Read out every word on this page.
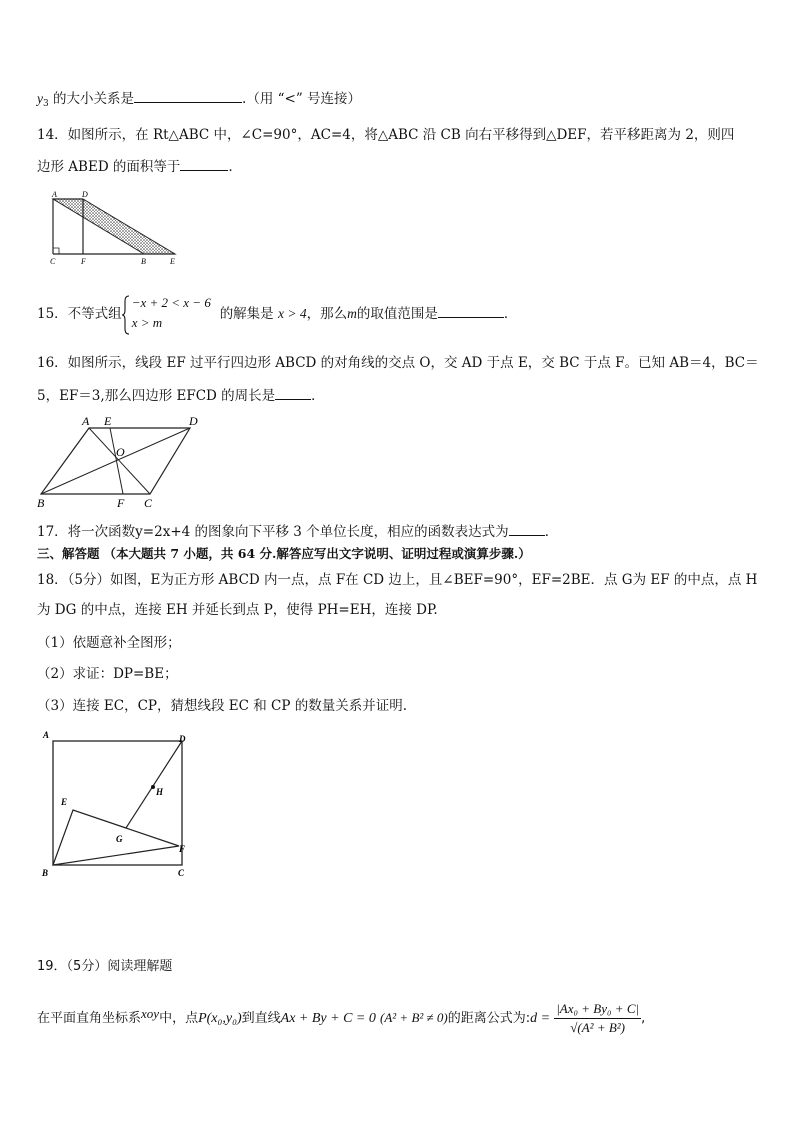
$y_3$ 的大小关系是	.（用 “<” 号连接）
14．如图所示，在 Rt△ABC 中，∠C=90°，AC=4，将△ABC 沿 CB 向右平移得到△DEF，若平移距离为 2，则四
边形 ABED 的面积等于	．
A	D
C	F	B	E
15．不等式组
−x + 2 < x − 6
x > m	的解集是 x > 4，那么m的取值范围是	．
16．如图所示，线段 EF 过平行四边形 ABCD 的对角线的交点 O，交 AD 于点 E，交 BC 于点 F。已知 AB＝4，BC＝
5，EF＝3,那么四边形 EFCD 的周长是	．
A E	D
O
B	F C
17．将一次函数y=2x+4 的图象向下平移 3 个单位长度，相应的函数表达式为	．
三、解答题 （本大题共 7 小题，共 64 分.解答应写出文字说明、证明过程或演算步骤.）
18．（5分）如图，E为正方形 ABCD 内一点，点 F在 CD 边上，且∠BEF=90°，EF=2BE．点 G为 EF 的中点，点 H
为 DG 的中点，连接 EH 并延长到点 P，使得 PH=EH，连接 DP.
（1）依题意补全图形；
（2）求证：DP=BE；
（3）连接 EC，CP，猜想线段 EC 和 CP 的数量关系并证明.
A	D
H
E
G
F
B	C
19．（5分）阅读理解题
在平面直角坐标系xoy中，点P(x₀,y₀)到直线Ax + By + C = 0 (A² + B² ≠ 0)的距离公式为:d = $\frac{\text{|Ax₀ + By₀ + C|}}{\text{√(A² + B²)}}$ ,
